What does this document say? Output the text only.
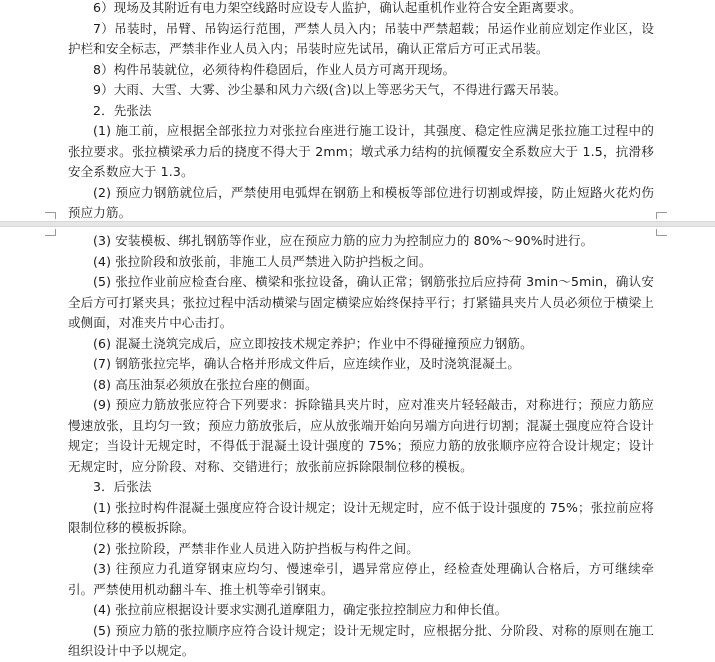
6）现场及其附近有电力架空线路时应设专人监护，确认起重机作业符合安全距离要求。

7）吊装时，吊臂、吊钩运行范围，严禁人员入内；吊装中严禁超载；吊运作业前应划定作业区，设护栏和安全标志，严禁非作业人员入内；吊装时应先试吊，确认正常后方可正式吊装。

8）构件吊装就位，必须待构件稳固后，作业人员方可离开现场。

9）大雨、大雪、大雾、沙尘暴和风力六级(含)以上等恶劣天气，不得进行露天吊装。

2．先张法

(1) 施工前，应根据全部张拉力对张拉台座进行施工设计，其强度、稳定性应满足张拉施工过程中的张拉要求。张拉横梁承力后的挠度不得大于 2mm；墩式承力结构的抗倾覆安全系数应大于 1.5，抗滑移安全系数应大于 1.3。

(2) 预应力钢筋就位后，严禁使用电弧焊在钢筋上和模板等部位进行切割或焊接，防止短路火花灼伤预应力筋。

(3) 安装模板、绑扎钢筋等作业，应在预应力筋的应力为控制应力的 80%～90%时进行。

(4) 张拉阶段和放张前，非施工人员严禁进入防护挡板之间。

(5) 张拉作业前应检查台座、横梁和张拉设备，确认正常；钢筋张拉后应持荷 3min～5min，确认安全后方可打紧夹具；张拉过程中活动横梁与固定横梁应始终保持平行；打紧锚具夹片人员必须位于横梁上或侧面，对准夹片中心击打。

(6) 混凝土浇筑完成后，应立即按技术规定养护；作业中不得碰撞预应力钢筋。

(7) 钢筋张拉完毕，确认合格并形成文件后，应连续作业，及时浇筑混凝土。

(8) 高压油泵必须放在张拉台座的侧面。

(9) 预应力筋放张应符合下列要求：拆除锚具夹片时，应对准夹片轻轻敲击，对称进行；预应力筋应慢速放张，且均匀一致；预应力筋放张后，应从放张端开始向另端方向进行切割；混凝土强度应符合设计规定；当设计无规定时，不得低于混凝土设计强度的 75%；预应力筋的放张顺序应符合设计规定；设计无规定时，应分阶段、对称、交错进行；放张前应拆除限制位移的模板。

3．后张法

(1) 张拉时构件混凝土强度应符合设计规定；设计无规定时，应不低于设计强度的 75%；张拉前应将限制位移的模板拆除。

(2) 张拉阶段，严禁非作业人员进入防护挡板与构件之间。

(3) 往预应力孔道穿钢束应均匀、慢速牵引，遇异常应停止，经检查处理确认合格后，方可继续牵引。严禁使用机动翻斗车、推土机等牵引钢束。

(4) 张拉前应根据设计要求实测孔道摩阻力，确定张拉控制应力和伸长值。

(5) 预应力筋的张拉顺序应符合设计规定；设计无规定时，应根据分批、分阶段、对称的原则在施工组织设计中予以规定。
